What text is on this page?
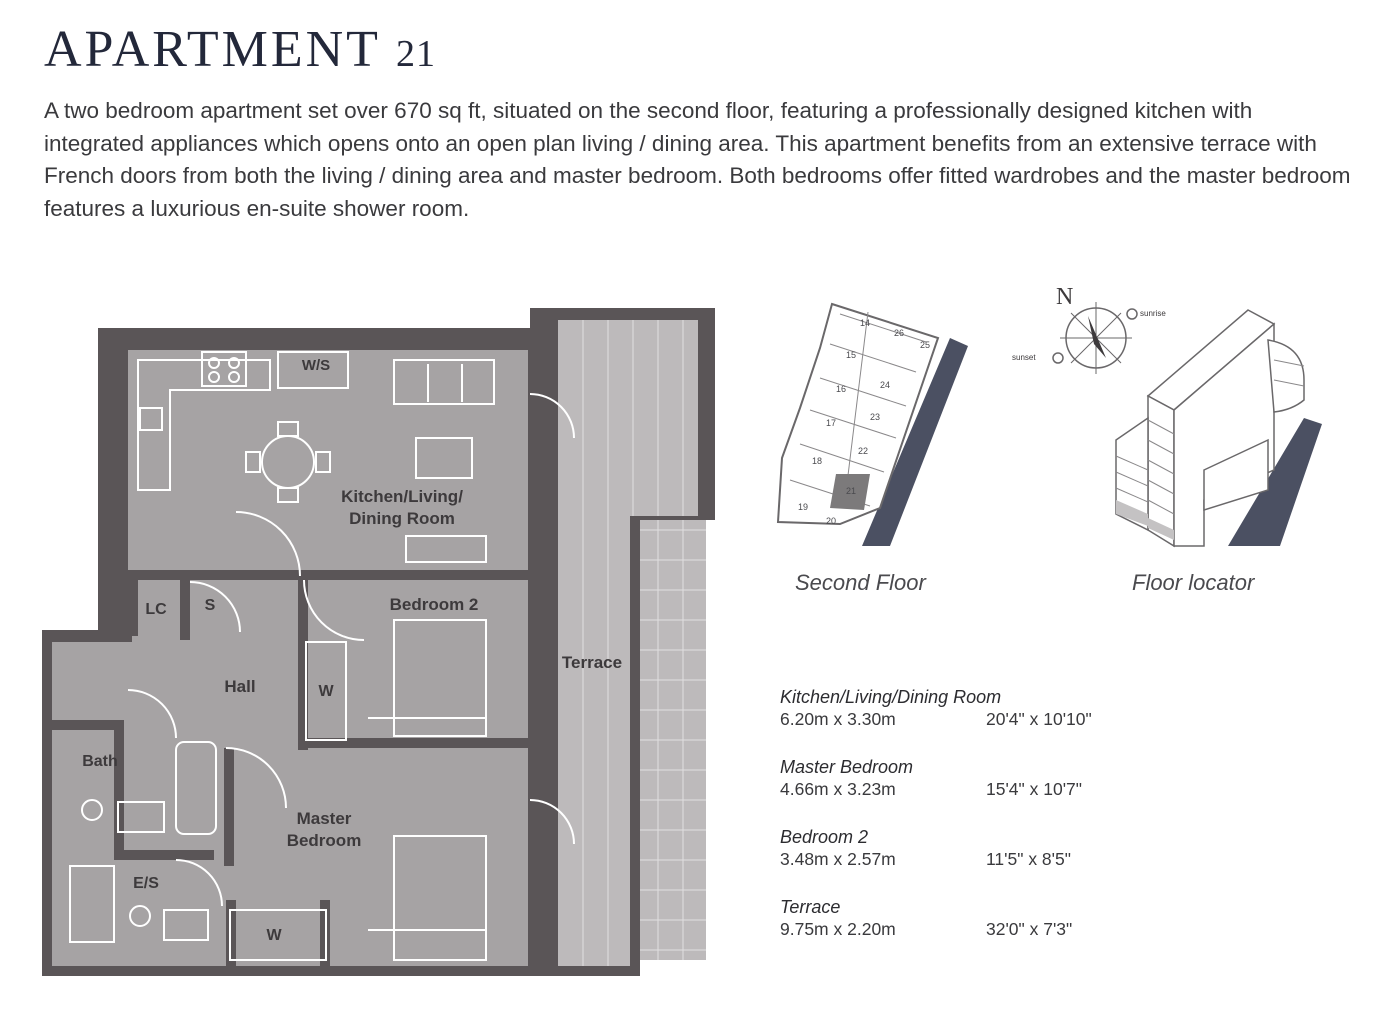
APARTMENT 21

A two bedroom apartment set over 670 sq ft, situated on the second floor, featuring a professionally designed kitchen with integrated appliances which opens onto an open plan living / dining area. This apartment benefits from an extensive terrace with French doors from both the living / dining area and master bedroom. Both bedrooms offer fitted wardrobes and the master bedroom features a luxurious en-suite shower room.

Kitchen/Living/
Dining Room
W/S
Bedroom 2
LC S
Hall	W
Terrace
Bath
Master
Bedroom
E/S
W
14
26
25
15
24
16
23
17
22
18
21
19
20
N
sunrise
sunset
Second Floor	Floor locator
Kitchen/Living/Dining Room
6.20m x 3.30m	20'4" x 10'10"
Master Bedroom
4.66m x 3.23m	15'4" x 10'7"
Bedroom 2
3.48m x 2.57m	11'5" x 8'5"
Terrace
9.75m x 2.20m	32'0" x 7'3"
